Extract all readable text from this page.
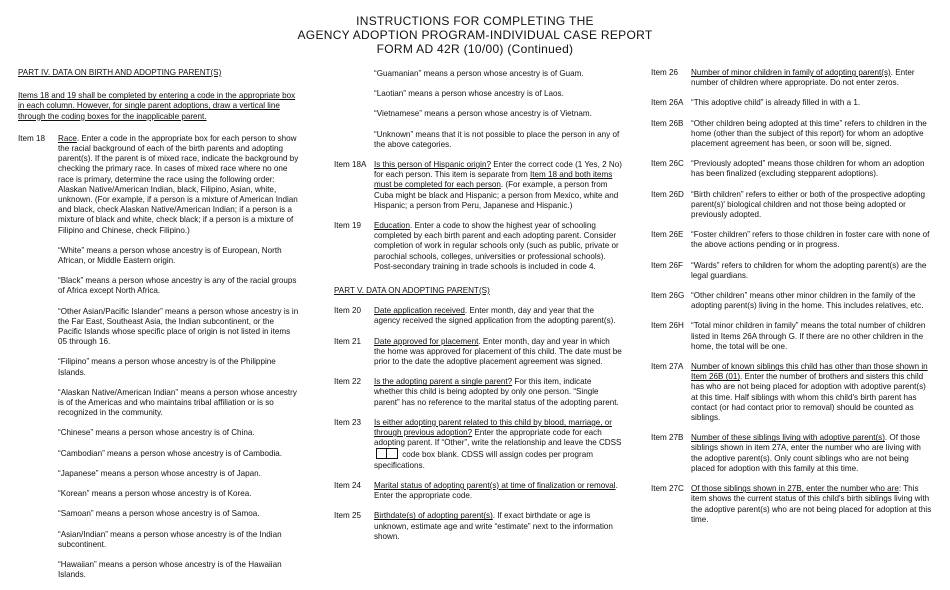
INSTRUCTIONS FOR COMPLETING THE
AGENCY ADOPTION PROGRAM-INDIVIDUAL CASE REPORT
FORM AD 42R (10/00) (Continued)
PART IV. DATA ON BIRTH AND ADOPTING PARENT(S)
Items 18 and 19 shall be completed by entering a code in the appropriate box in each column. However, for single parent adoptions, draw a vertical line through the coding boxes for the inapplicable parent.
Item 18	Race. Enter a code in the appropriate box for each person to show the racial background of each of the birth parents and adopting parent(s). If the parent is of mixed race, indicate the background by checking the primary race. In cases of mixed race where no one race is primary, determine the race using the following order: Alaskan Native/American Indian, black, Filipino, Asian, white, unknown. (For example, if a person is a mixture of American Indian and black, check Alaskan Native/American Indian; if a person is a mixture of black and white, check black; if a person is a mixture of Filipino and Chinese, check Filipino.)

“White” means a person whose ancestry is of European, North African, or Middle Eastern origin.

“Black” means a person whose ancestry is any of the racial groups of Africa except North Africa.

“Other Asian/Pacific Islander” means a person whose ancestry is in the Far East, Southeast Asia, the Indian subcontinent, or the Pacific Islands whose specific place of origin is not listed in items 05 through 16.

“Filipino” means a person whose ancestry is of the Philippine Islands.

“Alaskan Native/American Indian” means a person whose ancestry is of the Americas and who maintains tribal affiliation or is so recognized in the community.

“Chinese” means a person whose ancestry is of China.

“Cambodian” means a person whose ancestry is of Cambodia.

“Japanese” means a person whose ancestry is of Japan.

“Korean” means a person whose ancestry is of Korea.

“Samoan” means a person whose ancestry is of Samoa.

“Asian/Indian” means a person whose ancestry is of the Indian subcontinent.

“Hawaiian” means a person whose ancestry is of the Hawaiian Islands.

“Guamanian” means a person whose ancestry is of Guam.

“Laotian” means a person whose ancestry is of Laos.

“Vietnamese” means a person whose ancestry is of Vietnam.

“Unknown” means that it is not possible to place the person in any of the above categories.

Item 18A Is this person of Hispanic origin? Enter the correct code (1 Yes, 2 No) for each person. This item is separate from Item 18 and both items must be completed for each person. (For example, a person from Cuba might be black and Hispanic; a person from Mexico, white and Hispanic; a person from Peru, Japanese and Hispanic.)

Item 19	Education. Enter a code to show the highest year of schooling completed by each birth parent and each adopting parent. Consider completion of work in regular schools only (such as public, private or parochial schools, colleges, universities or professional schools). Post-secondary training in trade schools is included in code 4.

PART V. DATA ON ADOPTING PARENT(S)
Item 20	Date application received. Enter month, day and year that the agency received the signed application from the adopting parent(s).

Item 21	Date approved for placement. Enter month, day and year in which the home was approved for placement of this child. The date must be prior to the date the adoptive placement agreement was signed.

Item 22	Is the adopting parent a single parent? For this item, indicate whether this child is being adopted by only one person. “Single parent” has no reference to the marital status of the adopting parent.

Item 23	Is either adopting parent related to this child by blood, marriage, or through previous adoption? Enter the appropriate code for each adopting parent. If “Other”, write the relationship and leave the CDSS  code box blank. CDSS will assign codes per program specifications.

Item 24	Marital status of adopting parent(s) at time of finalization or removal. Enter the appropriate code.

Item 25	Birthdate(s) of adopting parent(s). If exact birthdate or age is unknown, estimate age and write “estimate” next to the information shown.

Item 26	Number of minor children in family of adopting parent(s). Enter number of children where appropriate. Do not enter zeros.

Item 26A “This adoptive child” is already filled in with a 1.

Item 26B “Other children being adopted at this time” refers to children in the home (other than the subject of this report) for whom an adoptive placement agreement has been, or soon will be, signed.

Item 26C “Previously adopted” means those children for whom an adoption has been finalized (excluding stepparent adoptions).

Item 26D “Birth children” refers to either or both of the prospective adopting parent(s)' biological children and not those being adopted or previously adopted.

Item 26E “Foster children” refers to those children in foster care with none of the above actions pending or in progress.

Item 26F “Wards” refers to children for whom the adopting parent(s) are the legal guardians.

Item 26G “Other children” means other minor children in the family of the adopting parent(s) living in the home. This includes relatives, etc.

Item 26H “Total minor children in family” means the total number of children listed in Items 26A through G. If there are no other children in the home, the total will be one.

Item 27A Number of known siblings this child has other than those shown in Item 26B (01). Enter the number of brothers and sisters this child has who are not being placed for adoption with adoptive parent(s) at this time. Half siblings with whom this child's birth parent has contact (or had contact prior to removal) should be counted as siblings.

Item 27B Number of these siblings living with adoptive parent(s). Of those siblings shown in item 27A, enter the number who are living with the adoptive parent(s). Only count siblings who are not being placed for adoption with this family at this time.

Item 27C Of those siblings shown in 27B, enter the number who are: This item shows the current status of this child's birth siblings living with the adoptive parent(s) who are not being placed for adoption at this time.
